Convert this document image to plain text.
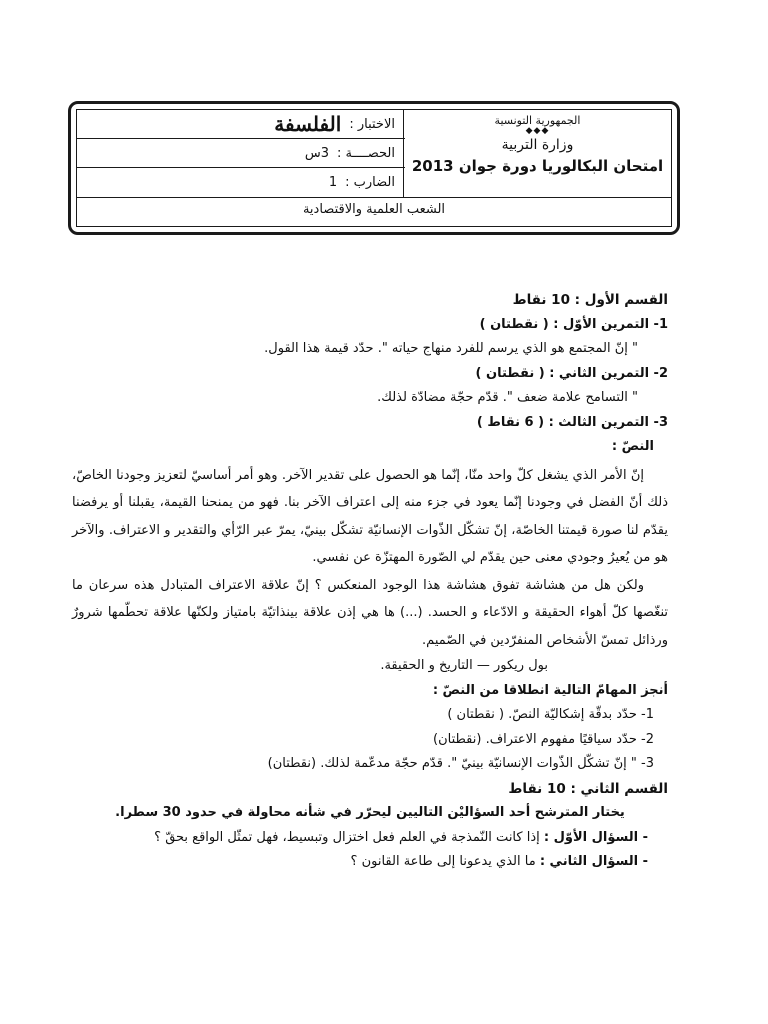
الجمهورية التونسية
◆◆◆
وزارة التربية
امتحان البكالوريا دورة جوان 2013
الاختبار :
الفلسفة
الحصــــة :
3س
الضارب :
1
الشعب العلمية والاقتصادية
القسم الأول : 10 نقاط
1- التمرين الأوّل : ( نقطتان )
" إنّ المجتمع هو الذي يرسم للفرد منهاج حياته ". حدّد قيمة هذا القول.
2- التمرين الثاني : ( نقطتان )
" التسامح علامة ضعف ". قدّم حجّة مضادّة لذلك.
3- التمرين الثالث : ( 6 نقاط )
النصّ :

إنّ الأمر الذي يشغل كلّ واحد منّا، إنّما هو الحصول على تقدير الآخر. وهو أمر أساسيّ لتعزيز وجودنا الخاصّ، ذلك أنّ الفضل في وجودنا إنّما يعود في جزء منه إلى اعتراف الآخر بنا. فهو من يمنحنا القيمة، يقبلنا أو يرفضنا يقدّم لنا صورة قيمتنا الخاصّة، إنّ تشكّل الذّوات الإنسانيّة تشكّل بينيّ، يمرّ عبر الرّأي والتقدير و الاعتراف. والآخر هو من يُعيرُ وجودي معنى حين يقدّم لي الصّورة المهتزّة عن نفسي.

ولكن هل من هشاشة تفوق هشاشة هذا الوجود المنعكس ؟ إنّ علاقة الاعتراف المتبادل هذه سرعان ما تنغّصها كلّ أهواء الحقيقة و الادّعاء و الحسد. (...) ها هي إذن علاقة بينذاتيّة بامتياز ولكنّها علاقة تحطّمها شرورٌ ورذائل تمسّ الأشخاص المنفرّدين في الصّميم.

بول ريكور — التاريخ و الحقيقة.
أنجز المهامّ التالية انطلاقا من النصّ :
1- حدّد بدقّة إشكاليّة النصّ. ( نقطتان )
2- حدّد سياقيًا مفهوم الاعتراف. (نقطتان)
3- " إنّ تشكّل الذّوات الإنسانيّة بينيّ ". قدّم حجّة مدعّمة لذلك. (نقطتان)
القسم الثاني : 10 نقاط
يختار المترشح أحد السؤاليْن التاليين ليحرّر في شأنه محاولة في حدود 30 سطرا.
- السؤال الأوّل : إذا كانت النّمذجة في العلم فعل اختزال وتبسيط، فهل تمثّل الواقع بحقّ ؟
- السؤال الثاني : ما الذي يدعونا إلى طاعة القانون ؟
